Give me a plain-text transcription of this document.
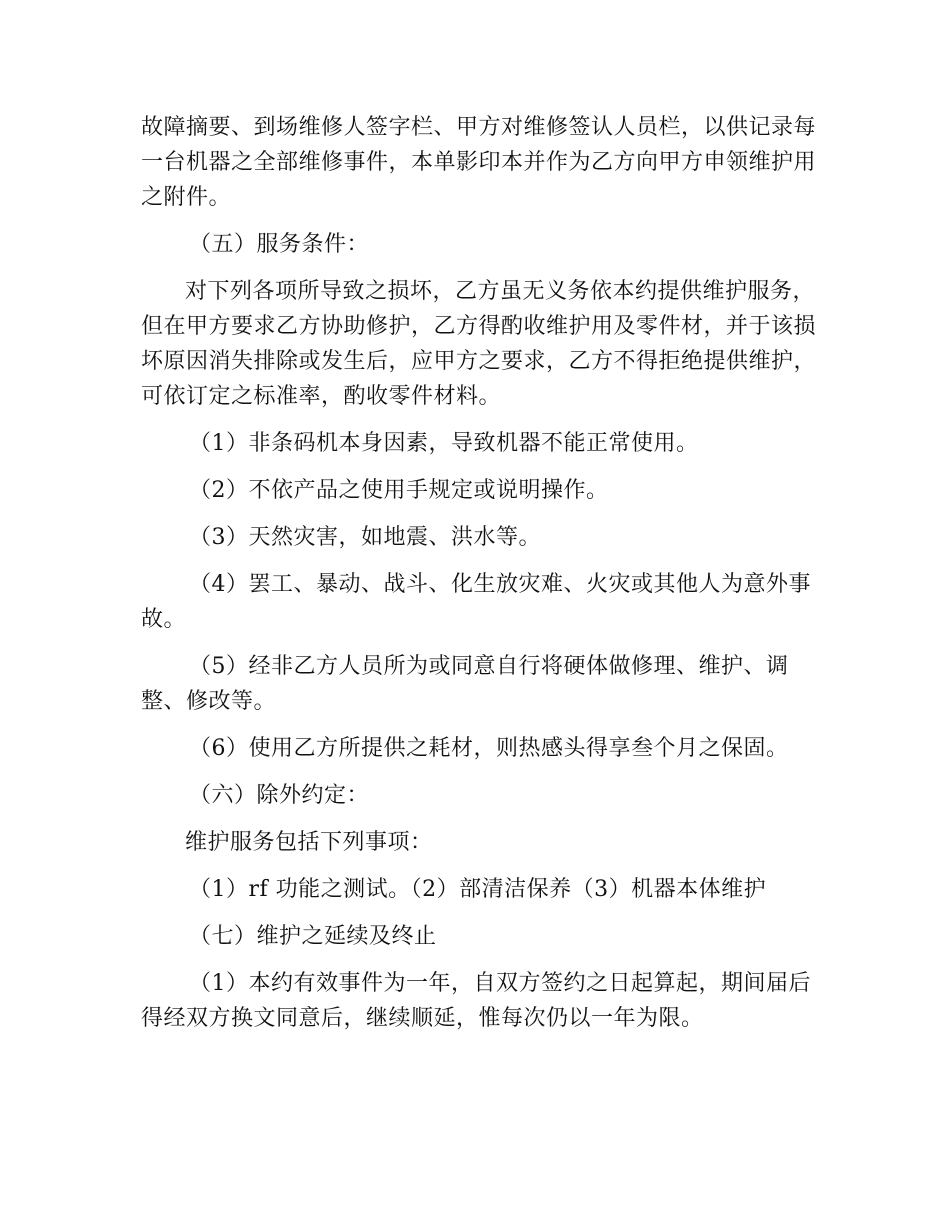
故障摘要、到场维修人签字栏、甲方对维修签认人员栏，以供记录每一台机器之全部维修事件，本单影印本并作为乙方向甲方申领维护用之附件。

（五）服务条件：

对下列各项所导致之损坏，乙方虽无义务依本约提供维护服务，但在甲方要求乙方协助修护，乙方得酌收维护用及零件材，并于该损坏原因消失排除或发生后，应甲方之要求，乙方不得拒绝提供维护，可依订定之标准率，酌收零件材料。

（1）非条码机本身因素，导致机器不能正常使用。

（2）不依产品之使用手规定或说明操作。

（3）天然灾害，如地震、洪水等。

（4）罢工、暴动、战斗、化生放灾难、火灾或其他人为意外事故。

（5）经非乙方人员所为或同意自行将硬体做修理、维护、调整、修改等。

（6）使用乙方所提供之耗材，则热感头得享叁个月之保固。

（六）除外约定：

维护服务包括下列事项：

（1）rf 功能之测试。（2）部清洁保养（3）机器本体维护

（七）维护之延续及终止

（1）本约有效事件为一年，自双方签约之日起算起，期间届后得经双方换文同意后，继续顺延，惟每次仍以一年为限。
